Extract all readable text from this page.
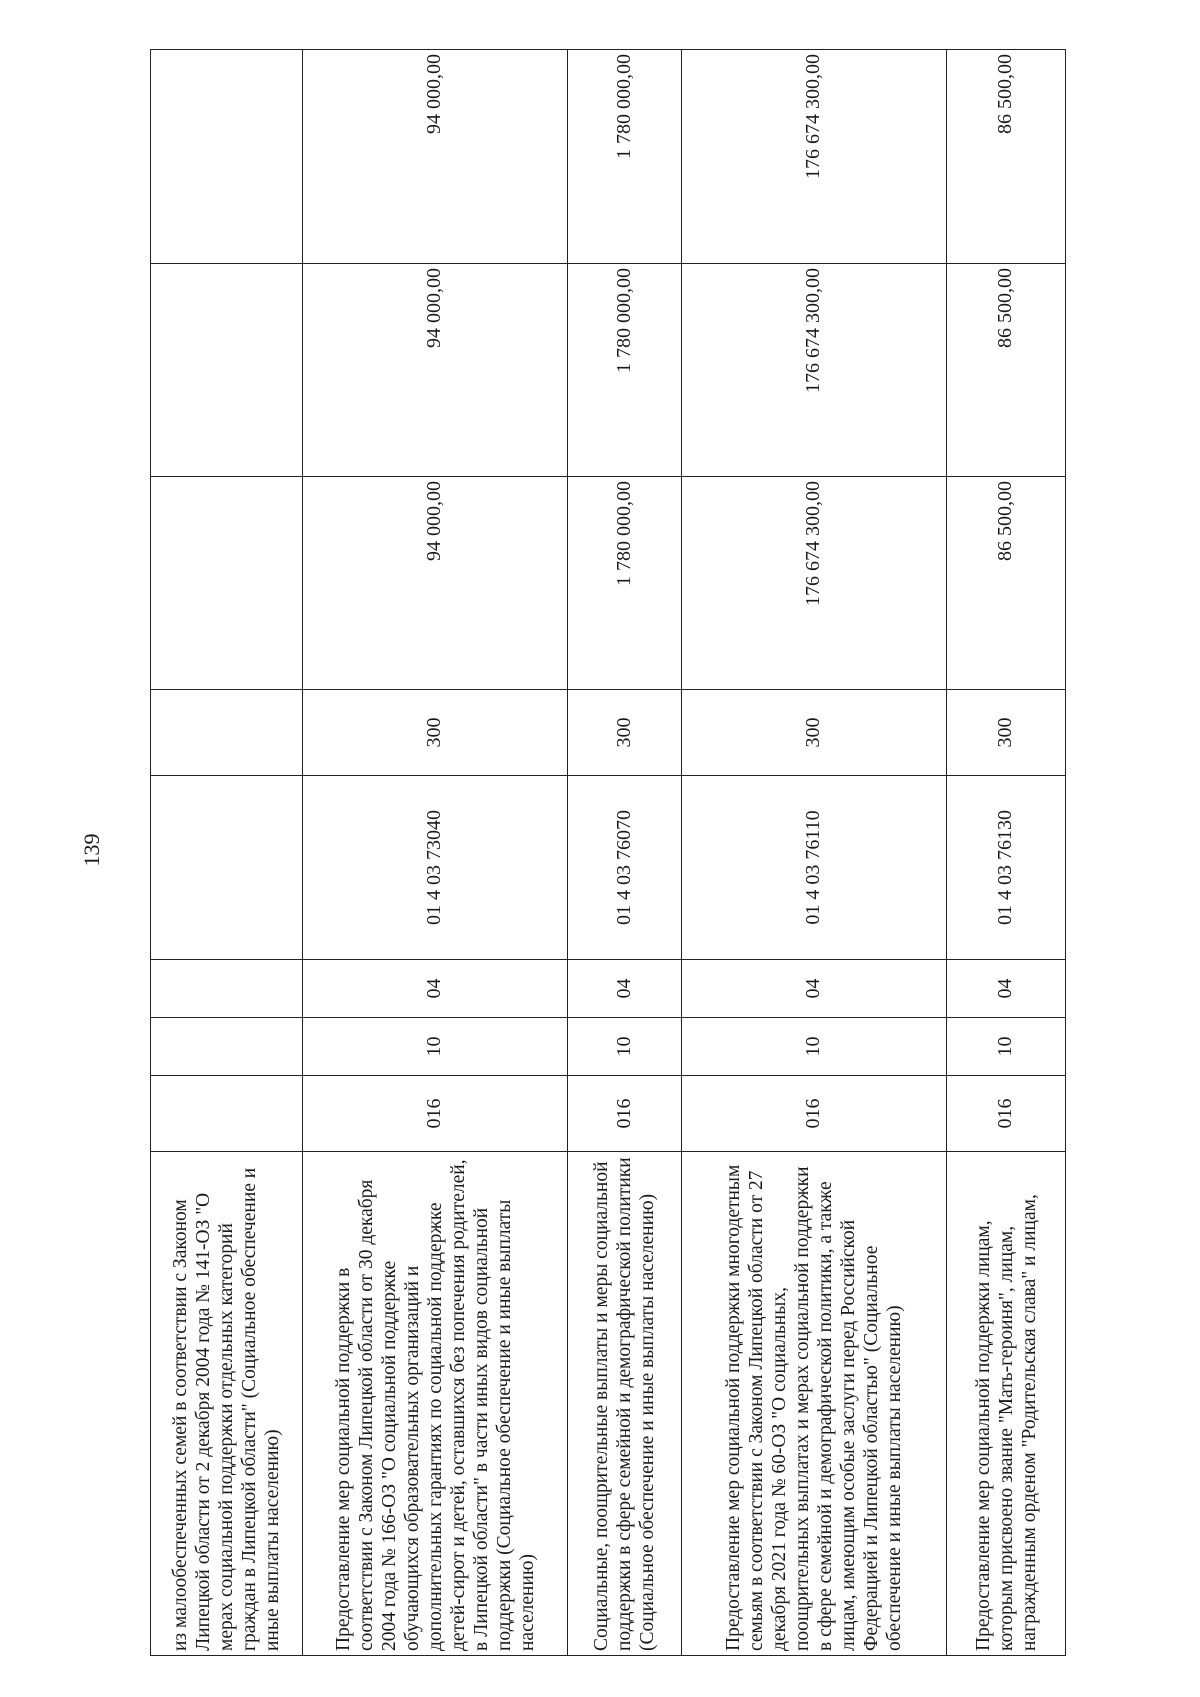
139
из малообеспеченных семей в соответствии с Законом Липецкой области от 2 декабря 2004 года № 141-ОЗ "О мерах социальной поддержки отдельных категорий граждан в Липецкой области" (Социальное обеспечение и иные выплаты населению)								
Предоставление мер социальной поддержки в соответствии с Законом Липецкой области от 30 декабря 2004 года № 166-ОЗ "О социальной поддержке обучающихся образовательных организаций и дополнительных гарантиях по социальной поддержке детей-сирот и детей, оставшихся без попечения родителей, в Липецкой области" в части иных видов социальной поддержки (Социальное обеспечение и иные выплаты населению)	016	10	04	01 4 03 73040	300	94 000,00	94 000,00	94 000,00
Социальные, поощрительные выплаты и меры социальной поддержки в сфере семейной и демографической политики (Социальное обеспечение и иные выплаты населению)	016	10	04	01 4 03 76070	300	1 780 000,00	1 780 000,00	1 780 000,00
Предоставление мер социальной поддержки многодетным семьям в соответствии с Законом Липецкой области от 27 декабря 2021 года № 60-ОЗ "О социальных, поощрительных выплатах и мерах социальной поддержки в сфере семейной и демографической политики, а также лицам, имеющим особые заслуги перед Российской Федерацией и Липецкой областью" (Социальное обеспечение и иные выплаты населению)	016	10	04	01 4 03 76110	300	176 674 300,00	176 674 300,00	176 674 300,00
Предоставление мер социальной поддержки лицам, которым присвоено звание "Мать-героиня", лицам, награжденным орденом "Родительская слава" и лицам,	016	10	04	01 4 03 76130	300	86 500,00	86 500,00	86 500,00
